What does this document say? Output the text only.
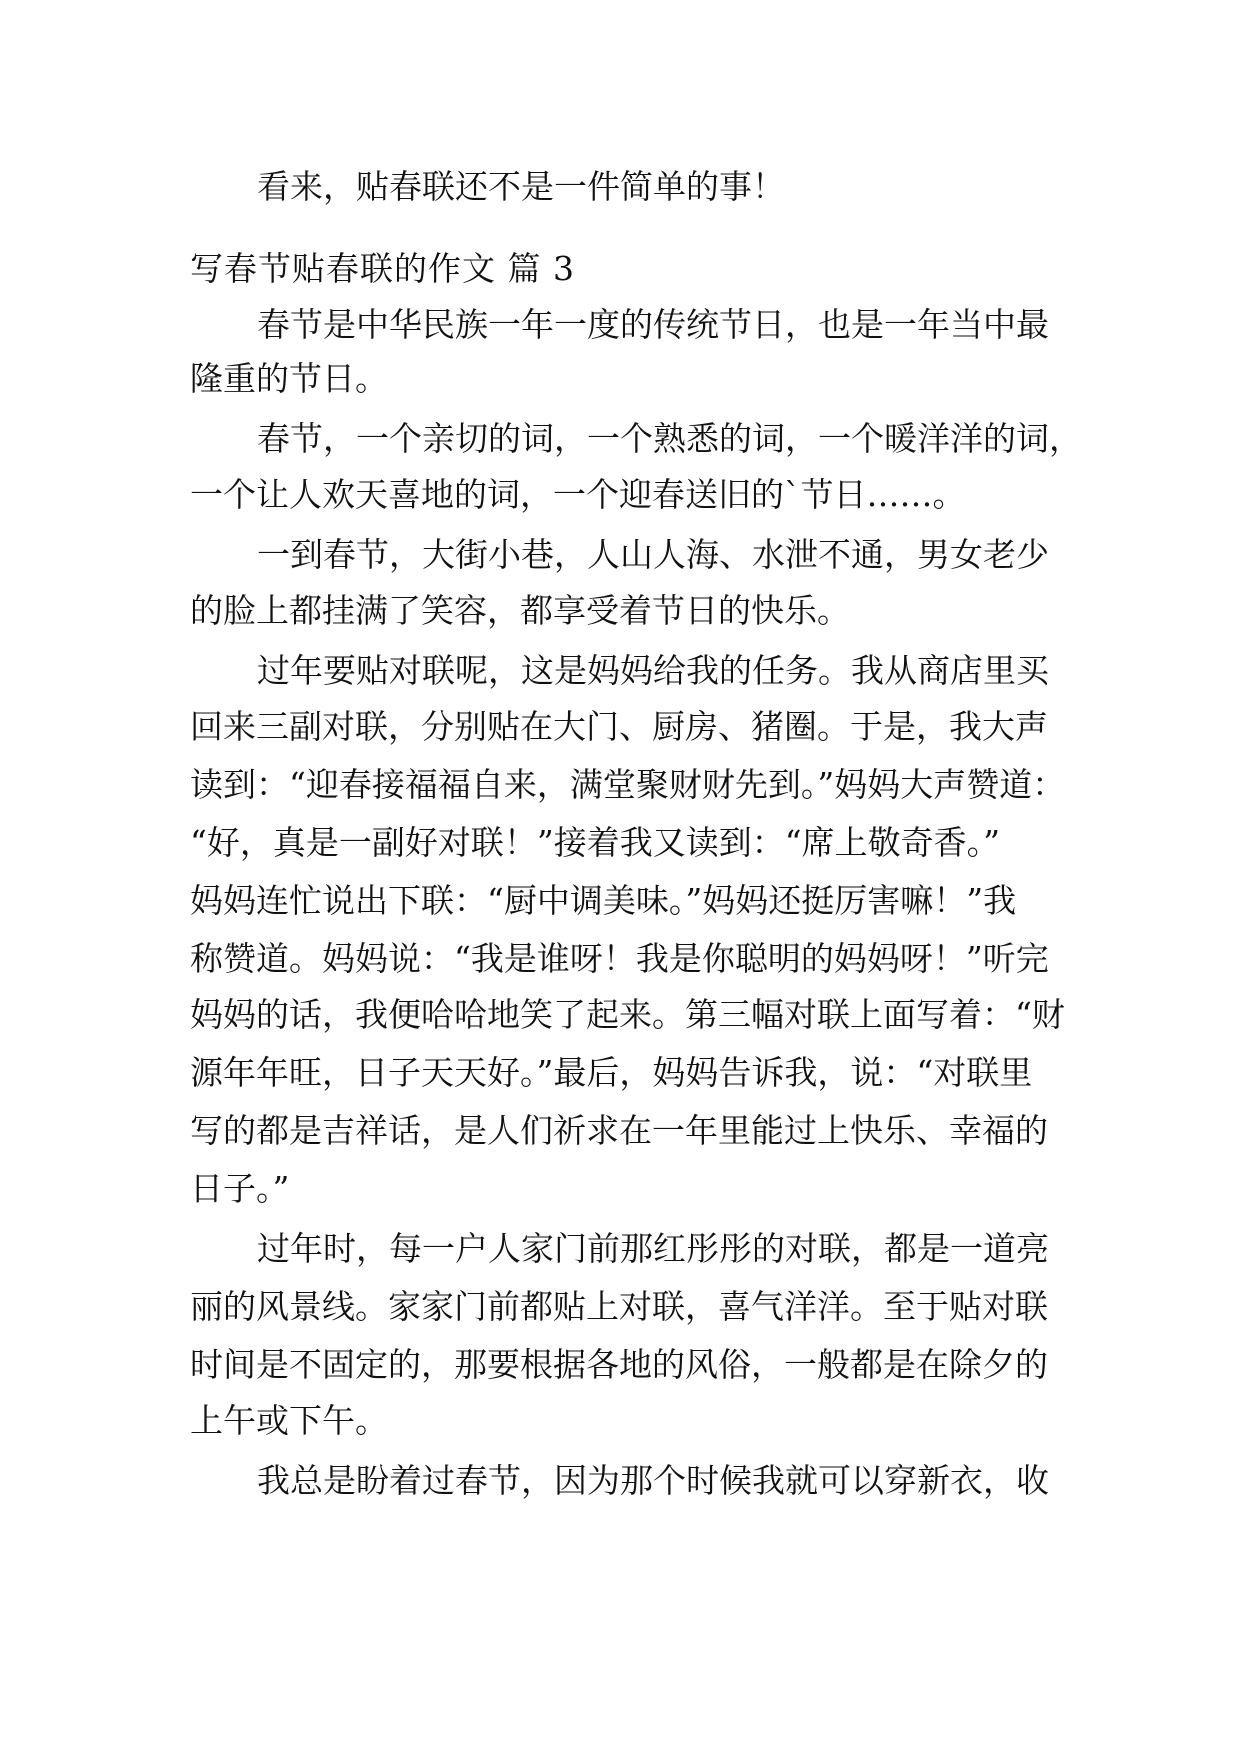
看来，贴春联还不是一件简单的事！

写春节贴春联的作文 篇 3

春节是中华民族一年一度的传统节日，也是一年当中最

隆重的节日。

春节，一个亲切的词，一个熟悉的词，一个暖洋洋的词，

一个让人欢天喜地的词，一个迎春送旧的`节日……。

一到春节，大街小巷，人山人海、水泄不通，男女老少

的脸上都挂满了笑容，都享受着节日的快乐。

过年要贴对联呢，这是妈妈给我的任务。我从商店里买

回来三副对联，分别贴在大门、厨房、猪圈。于是，我大声

读到：“迎春接福福自来，满堂聚财财先到。”妈妈大声赞道：

“好，真是一副好对联！”接着我又读到：“席上敬奇香。”

妈妈连忙说出下联：“厨中调美味。”妈妈还挺厉害嘛！”我

称赞道。妈妈说：“我是谁呀！我是你聪明的妈妈呀！”听完

妈妈的话，我便哈哈地笑了起来。第三幅对联上面写着：“财

源年年旺，日子天天好。”最后，妈妈告诉我，说：“对联里

写的都是吉祥话，是人们祈求在一年里能过上快乐、幸福的

日子。”

过年时，每一户人家门前那红彤彤的对联，都是一道亮

丽的风景线。家家门前都贴上对联，喜气洋洋。至于贴对联

时间是不固定的，那要根据各地的风俗，一般都是在除夕的

上午或下午。

我总是盼着过春节，因为那个时候我就可以穿新衣，收
